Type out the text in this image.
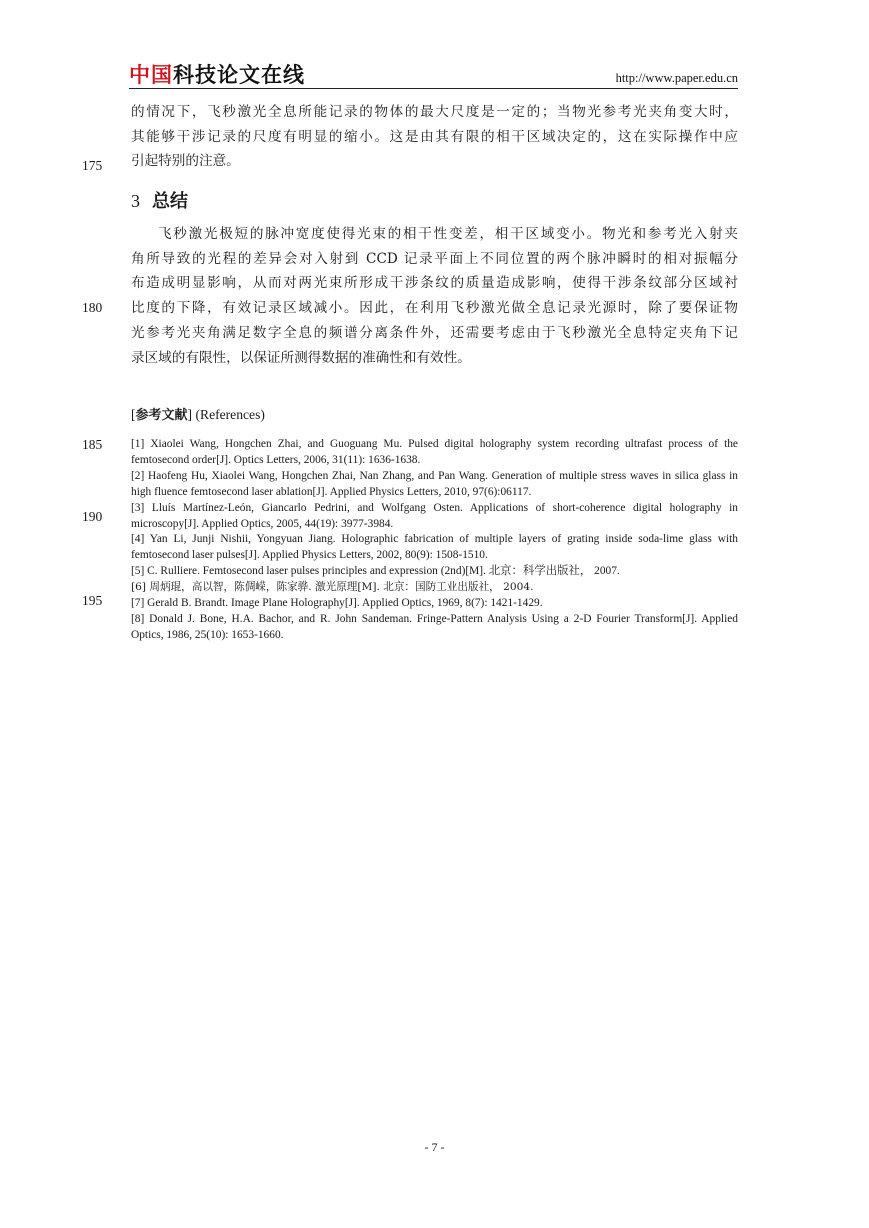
中国科技论文在线	http://www.paper.edu.cn
的情况下，飞秒激光全息所能记录的物体的最大尺度是一定的；当物光参考光夹角变大时，
其能够干涉记录的尺度有明显的缩小。这是由其有限的相干区域决定的，这在实际操作中应
引起特别的注意。
175
180
185
190
195
3 总结
飞秒激光极短的脉冲宽度使得光束的相干性变差，相干区域变小。物光和参考光入射夹
角所导致的光程的差异会对入射到 CCD 记录平面上不同位置的两个脉冲瞬时的相对振幅分
布造成明显影响，从而对两光束所形成干涉条纹的质量造成影响，使得干涉条纹部分区域衬
比度的下降，有效记录区域减小。因此，在利用飞秒激光做全息记录光源时，除了要保证物
光参考光夹角满足数字全息的频谱分离条件外，还需要考虑由于飞秒激光全息特定夹角下记
录区域的有限性，以保证所测得数据的准确性和有效性。
[参考文献] (References)

[1] Xiaolei Wang, Hongchen Zhai, and Guoguang Mu. Pulsed digital holography system recording ultrafast process of the femtosecond order[J]. Optics Letters, 2006, 31(11): 1636-1638.

[2] Haofeng Hu, Xiaolei Wang, Hongchen Zhai, Nan Zhang, and Pan Wang. Generation of multiple stress waves in silica glass in high fluence femtosecond laser ablation[J]. Applied Physics Letters, 2010, 97(6):06117.

[3] Lluís Martínez-León, Giancarlo Pedrini, and Wolfgang Osten. Applications of short-coherence digital holography in microscopy[J]. Applied Optics, 2005, 44(19): 3977-3984.

[4] Yan Li, Junji Nishii, Yongyuan Jiang. Holographic fabrication of multiple layers of grating inside soda-lime glass with femtosecond laser pulses[J]. Applied Physics Letters, 2002, 80(9): 1508-1510.

[5] C. Rulliere. Femtosecond laser pulses principles and expression (2nd)[M]. 北京：科学出版社， 2007.

[6] 周炳琨，高以智，陈倜嵘，陈家骅. 激光原理[M]. 北京：国防工业出版社， 2004.

[7] Gerald B. Brandt. Image Plane Holography[J]. Applied Optics, 1969, 8(7): 1421-1429.

[8] Donald J. Bone, H.A. Bachor, and R. John Sandeman. Fringe-Pattern Analysis Using a 2-D Fourier Transform[J]. Applied Optics, 1986, 25(10): 1653-1660.

- 7 -
